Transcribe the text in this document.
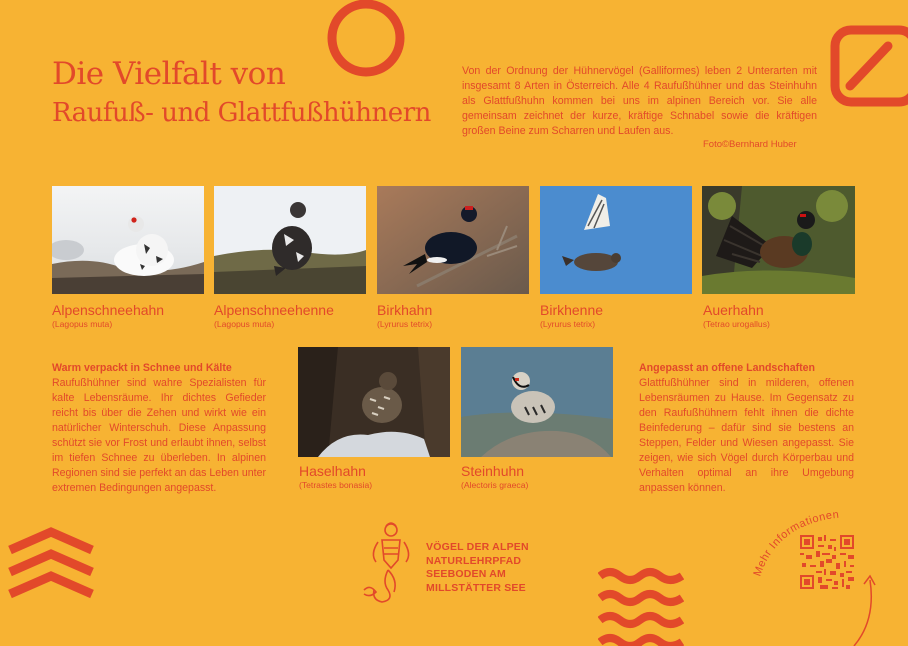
Die Vielfalt von
Raufuß- und Glattfußhühnern
Von der Ordnung der Hühnervögel (Galliformes) leben 2 Unterarten mit insgesamt 8 Arten in Österreich. Alle 4 Raufußhühner und das Steinhuhn als Glattfußhuhn kommen bei uns im alpinen Bereich vor. Sie alle gemeinsam zeichnet der kurze, kräftige Schnabel sowie die kräftigen großen Beine zum Scharren und Laufen aus.
Foto©Bernhard Huber
Alpenschneehahn
(Lagopus muta)
Alpenschneehenne
(Lagopus muta)
Birkhahn
(Lyrurus tetrix)
Birkhenne
(Lyrurus tetrix)
Auerhahn
(Tetrao urogallus)
Warm verpackt in Schnee und Kälte
Raufußhühner sind wahre Spezialisten für kalte Lebensräume. Ihr dichtes Gefieder reicht bis über die Zehen und wirkt wie ein natürlicher Winterschuh. Diese Anpassung schützt sie vor Frost und erlaubt ihnen, selbst im tiefen Schnee zu überleben. In alpinen Regionen sind sie perfekt an das Leben unter extremen Bedingungen angepasst.
Haselhahn
(Tetrastes bonasia)
Steinhuhn
(Alectoris graeca)
Angepasst an offene Landschaften
Glattfußhühner sind in milderen, offenen Lebensräumen zu Hause. Im Gegensatz zu den Raufußhühnern fehlt ihnen die dichte Beinfederung – dafür sind sie bestens an Steppen, Felder und Wiesen angepasst. Sie zeigen, wie sich Vögel durch Körperbau und Verhalten optimal an ihre Umgebung anpassen können.
VÖGEL DER ALPEN
NATURLEHRPFAD
SEEBODEN AM
MILLSTÄTTER SEE
Mehr Informationen
